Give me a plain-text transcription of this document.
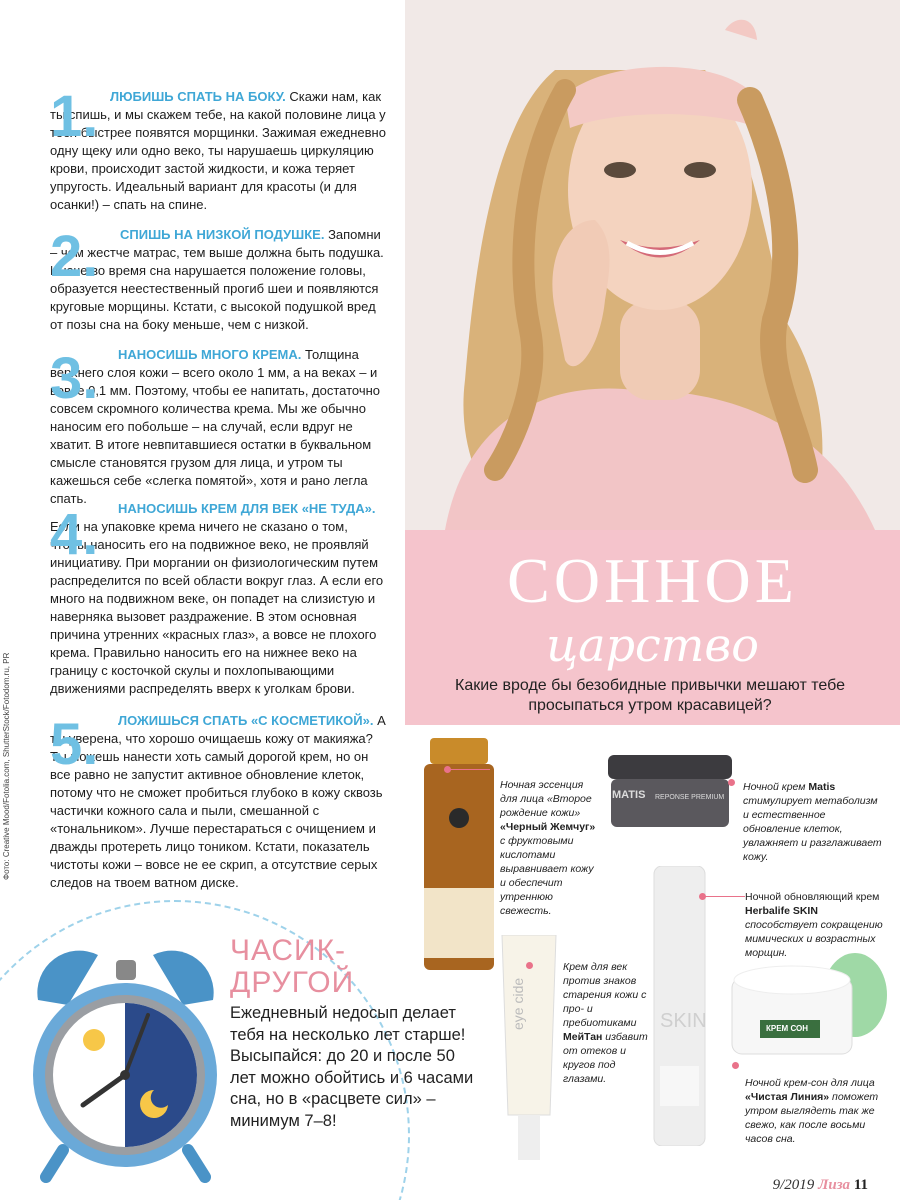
СОННОЕ
царство
Какие вроде бы безобидные привычки мешают тебе просыпаться утром красавицей?
1. ЛЮБИШЬ СПАТЬ НА БОКУ. Скажи нам, как ты спишь, и мы скажем тебе, на какой половине лица у тебя быстрее появятся морщинки. Зажимая ежедневно одну щеку или одно веко, ты нарушаешь циркуляцию крови, происходит застой жидкости, и кожа теряет упругость. Идеальный вариант для красоты (и для осанки!) – спать на спине.

2.	СПИШЬ НА НИЗКОЙ ПОДУШКЕ. Запомни – чем жестче матрас, тем выше должна быть подушка. Иначе во время сна нарушается положение головы, образуется неестественный прогиб шеи и появляются круговые морщины. Кстати, с высокой подушкой вред от позы сна на боку меньше, чем с низкой.

3.	НАНОСИШЬ МНОГО КРЕМА. Толщина верхнего слоя кожи – всего около 1 мм, а на веках – и вовсе 0,1 мм. Поэтому, чтобы ее напитать, достаточно совсем скромного количества крема. Мы же обычно наносим его побольше – на случай, если вдруг не хватит. В итоге невпитавшиеся остатки в буквальном смысле становятся грузом для лица, и утром ты кажешься себе «слегка помятой», хотя и рано легла спать.

4.	НАНОСИШЬ КРЕМ ДЛЯ ВЕК «НЕ ТУДА». Если на упаковке крема ничего не сказано о том, чтобы наносить его на подвижное веко, не проявляй инициативу. При моргании он физиологическим путем распределится по всей области вокруг глаз. А если его много на подвижном веке, он попадет на слизистую и наверняка вызовет раздражение. В этом основная причина утренних «красных глаз», а вовсе не плохого крема. Правильно наносить его на нижнее веко на границу с косточкой скулы и похлопывающими движениями распределять вверх к уголкам брови.

5.	ЛОЖИШЬСЯ СПАТЬ «С КОСМЕТИКОЙ». А ты уверена, что хорошо очищаешь кожу от макияжа? Ты можешь нанести хоть самый дорогой крем, но он все равно не запустит активное обновление клеток, потому что не сможет пробиться глубоко в кожу сквозь частички кожного сала и пыли, смешанной с «тональником». Лучше перестараться с очищением и дважды протереть лицо тоником. Кстати, показатель чистоты кожи – вовсе не ее скрип, а отсутствие серых следов на твоем ватном диске.

Фото: Creative Mood/Fotolia.com, ShutterStock/Fotodom.ru, PR
ЧАСИК-
ДРУГОЙ
Ежедневный недосып делает тебя на несколько лет старше! Высыпайся: до 20 и после 50 лет можно обойтись и 6 часами сна, но в «расцвете сил» – минимум 7–8!
Ночная эссенция для лица «Второе рождение кожи» «Черный Жемчуг» с фруктовыми кислотами выравнивает кожу и обеспечит утреннюю свежесть.
MATIS REPONSE PREMIUM
Ночной крем Matis стимулирует метаболизм и естественное обновление клеток, увлажняет и разглаживает кожу.
SKIN
Ночной обновляющий крем Herbalife SKIN способствует сокращению мимических и возрастных морщин.
eye cide
Крем для век против знаков старения кожи с про- и пребиотиками МейТан избавит от отеков и кругов под глазами.
КРЕМ СОН
Ночной крем-сон для лица «Чистая Линия» поможет утром выглядеть так же свежо, как после восьми часов сна.
9/2019 Лиза 11
